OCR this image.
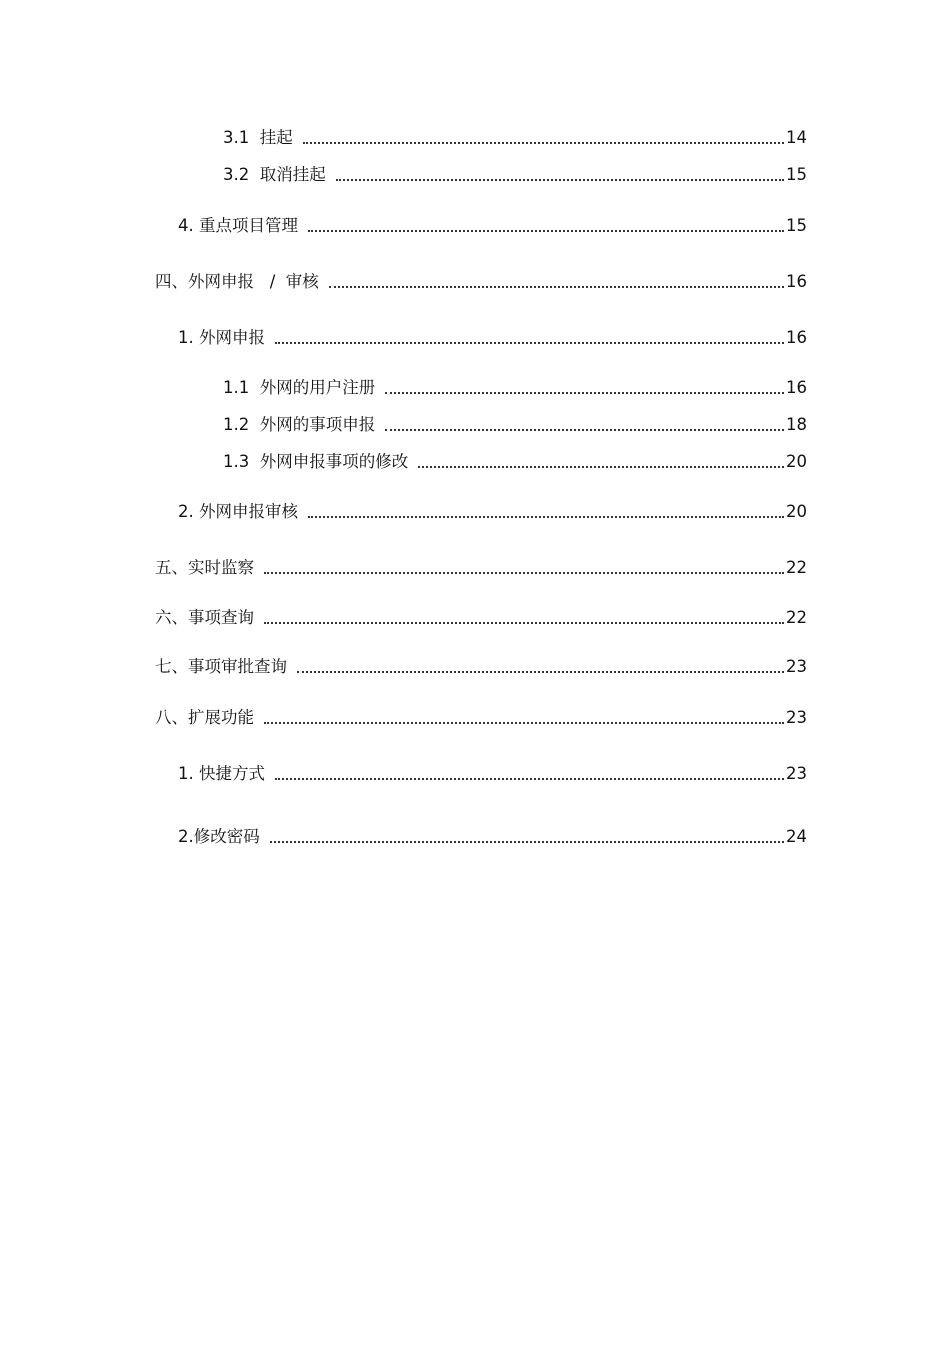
3.1  挂起	14
3.2  取消挂起	15
4. 重点项目管理	15
四、外网申报   /  审核	16
1. 外网申报	16
1.1  外网的用户注册	16
1.2  外网的事项申报	18
1.3  外网申报事项的修改	20
2. 外网申报审核	20
五、实时监察	22
六、事项查询	22
七、事项审批查询	23
八、扩展功能	23
1. 快捷方式	23
2.修改密码	24
